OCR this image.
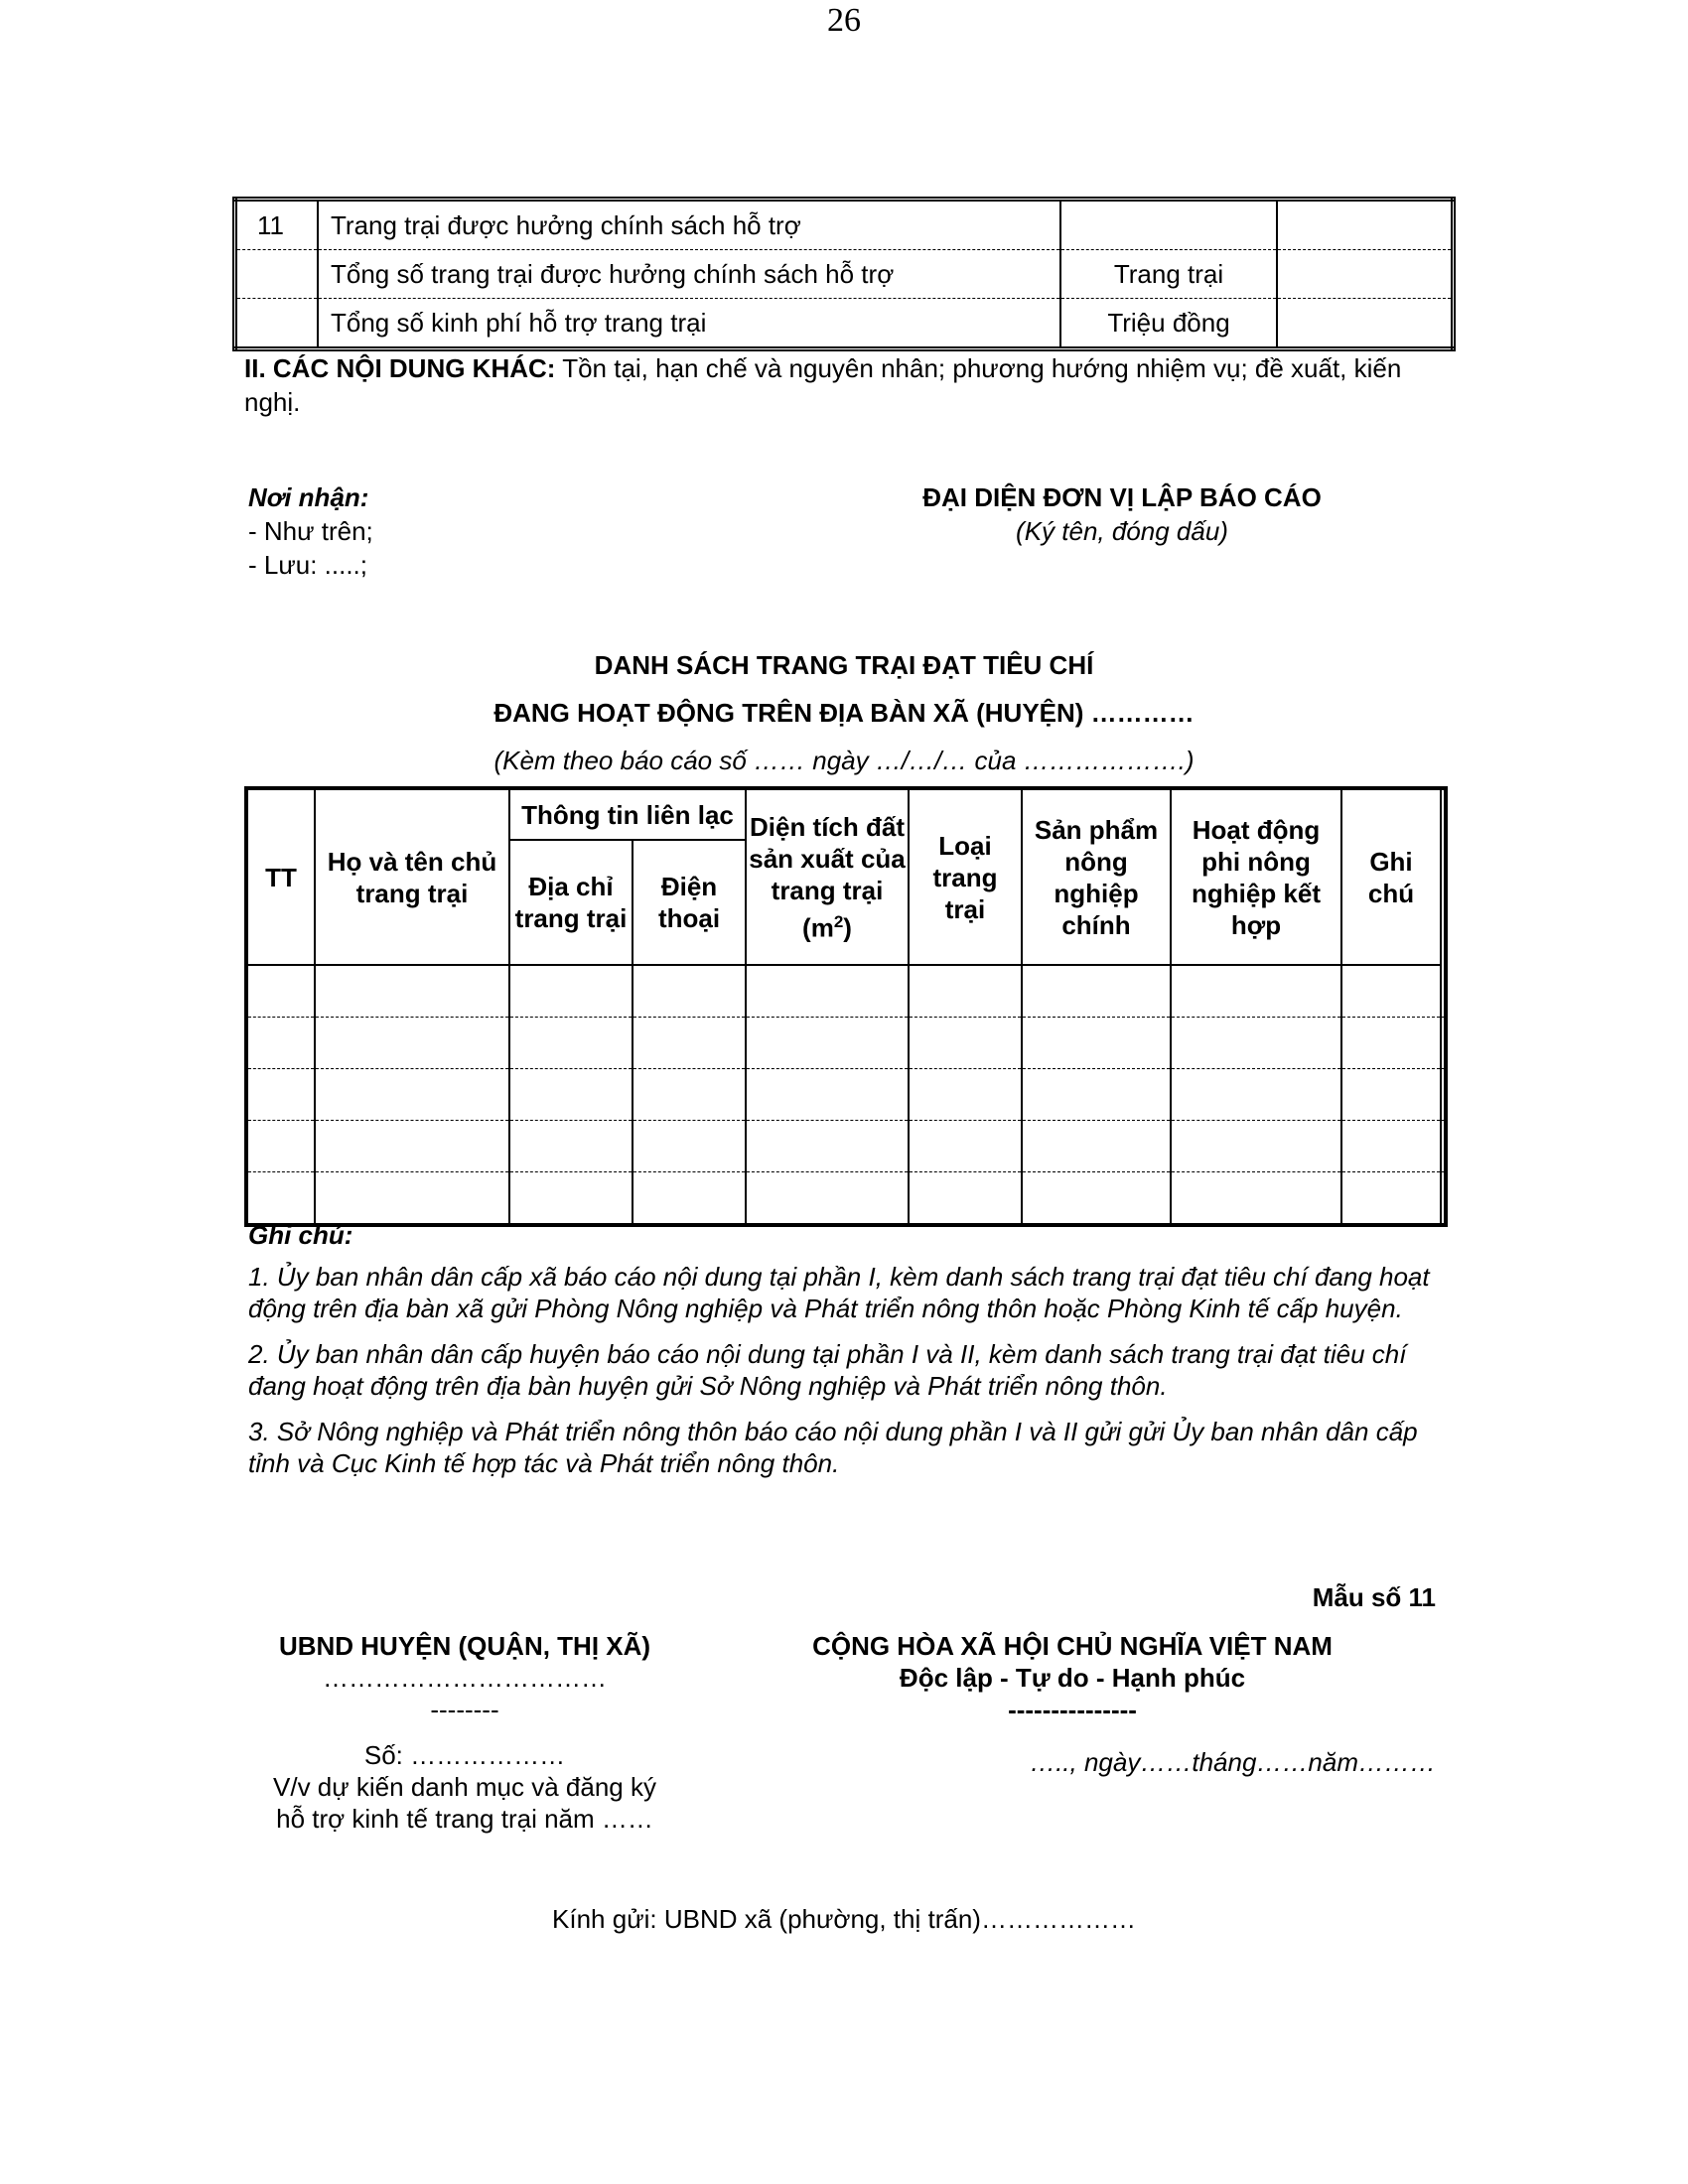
26
11	Trang trại được hưởng chính sách hỗ trợ		
	Tổng số trang trại được hưởng chính sách hỗ trợ	Trang trại	
	Tổng số kinh phí hỗ trợ trang trại	Triệu đồng	
II. CÁC NỘI DUNG KHÁC: Tồn tại, hạn chế và nguyên nhân; phương hướng nhiệm vụ; đề xuất, kiến nghị.
Nơi nhận:
- Như trên;
- Lưu: .....;
ĐẠI DIỆN ĐƠN VỊ LẬP BÁO CÁO
(Ký tên, đóng dấu)
DANH SÁCH TRANG TRẠI ĐẠT TIÊU CHÍ
ĐANG HOẠT ĐỘNG TRÊN ĐỊA BÀN XÃ (HUYỆN) …………
(Kèm theo báo cáo số …… ngày …/…/… của ……………….)
TT	Họ và tên chủ trang trại	Thông tin liên lạc		Diện tích đất sản xuất của trang trại $(m^2)$	Loại trang trại	Sản phẩm nông nghiệp chính	Hoạt động phi nông nghiệp kết hợp	Ghi chú	
		Địa chỉ trang trại	Điện thoại						

Ghi chú:

1. Ủy ban nhân dân cấp xã báo cáo nội dung tại phần I, kèm danh sách trang trại đạt tiêu chí đang hoạt động trên địa bàn xã gửi Phòng Nông nghiệp và Phát triển nông thôn hoặc Phòng Kinh tế cấp huyện.

2. Ủy ban nhân dân cấp huyện báo cáo nội dung tại phần I và II, kèm danh sách trang trại đạt tiêu chí đang hoạt động trên địa bàn huyện gửi Sở Nông nghiệp và Phát triển nông thôn.

3. Sở Nông nghiệp và Phát triển nông thôn báo cáo nội dung phần I và II gửi gửi Ủy ban nhân dân cấp tỉnh và Cục Kinh tế hợp tác và Phát triển nông thôn.

Mẫu số 11
UBND HUYỆN (QUẬN, THỊ XÃ)
……………………………
--------
Số: ………………
V/v dự kiến danh mục và đăng ký
hỗ trợ kinh tế trang trại năm ……
CỘNG HÒA XÃ HỘI CHỦ NGHĨA VIỆT NAM
Độc lập - Tự do - Hạnh phúc
---------------
….., ngày……tháng……năm………
Kính gửi: UBND xã (phường, thị trấn)………………
